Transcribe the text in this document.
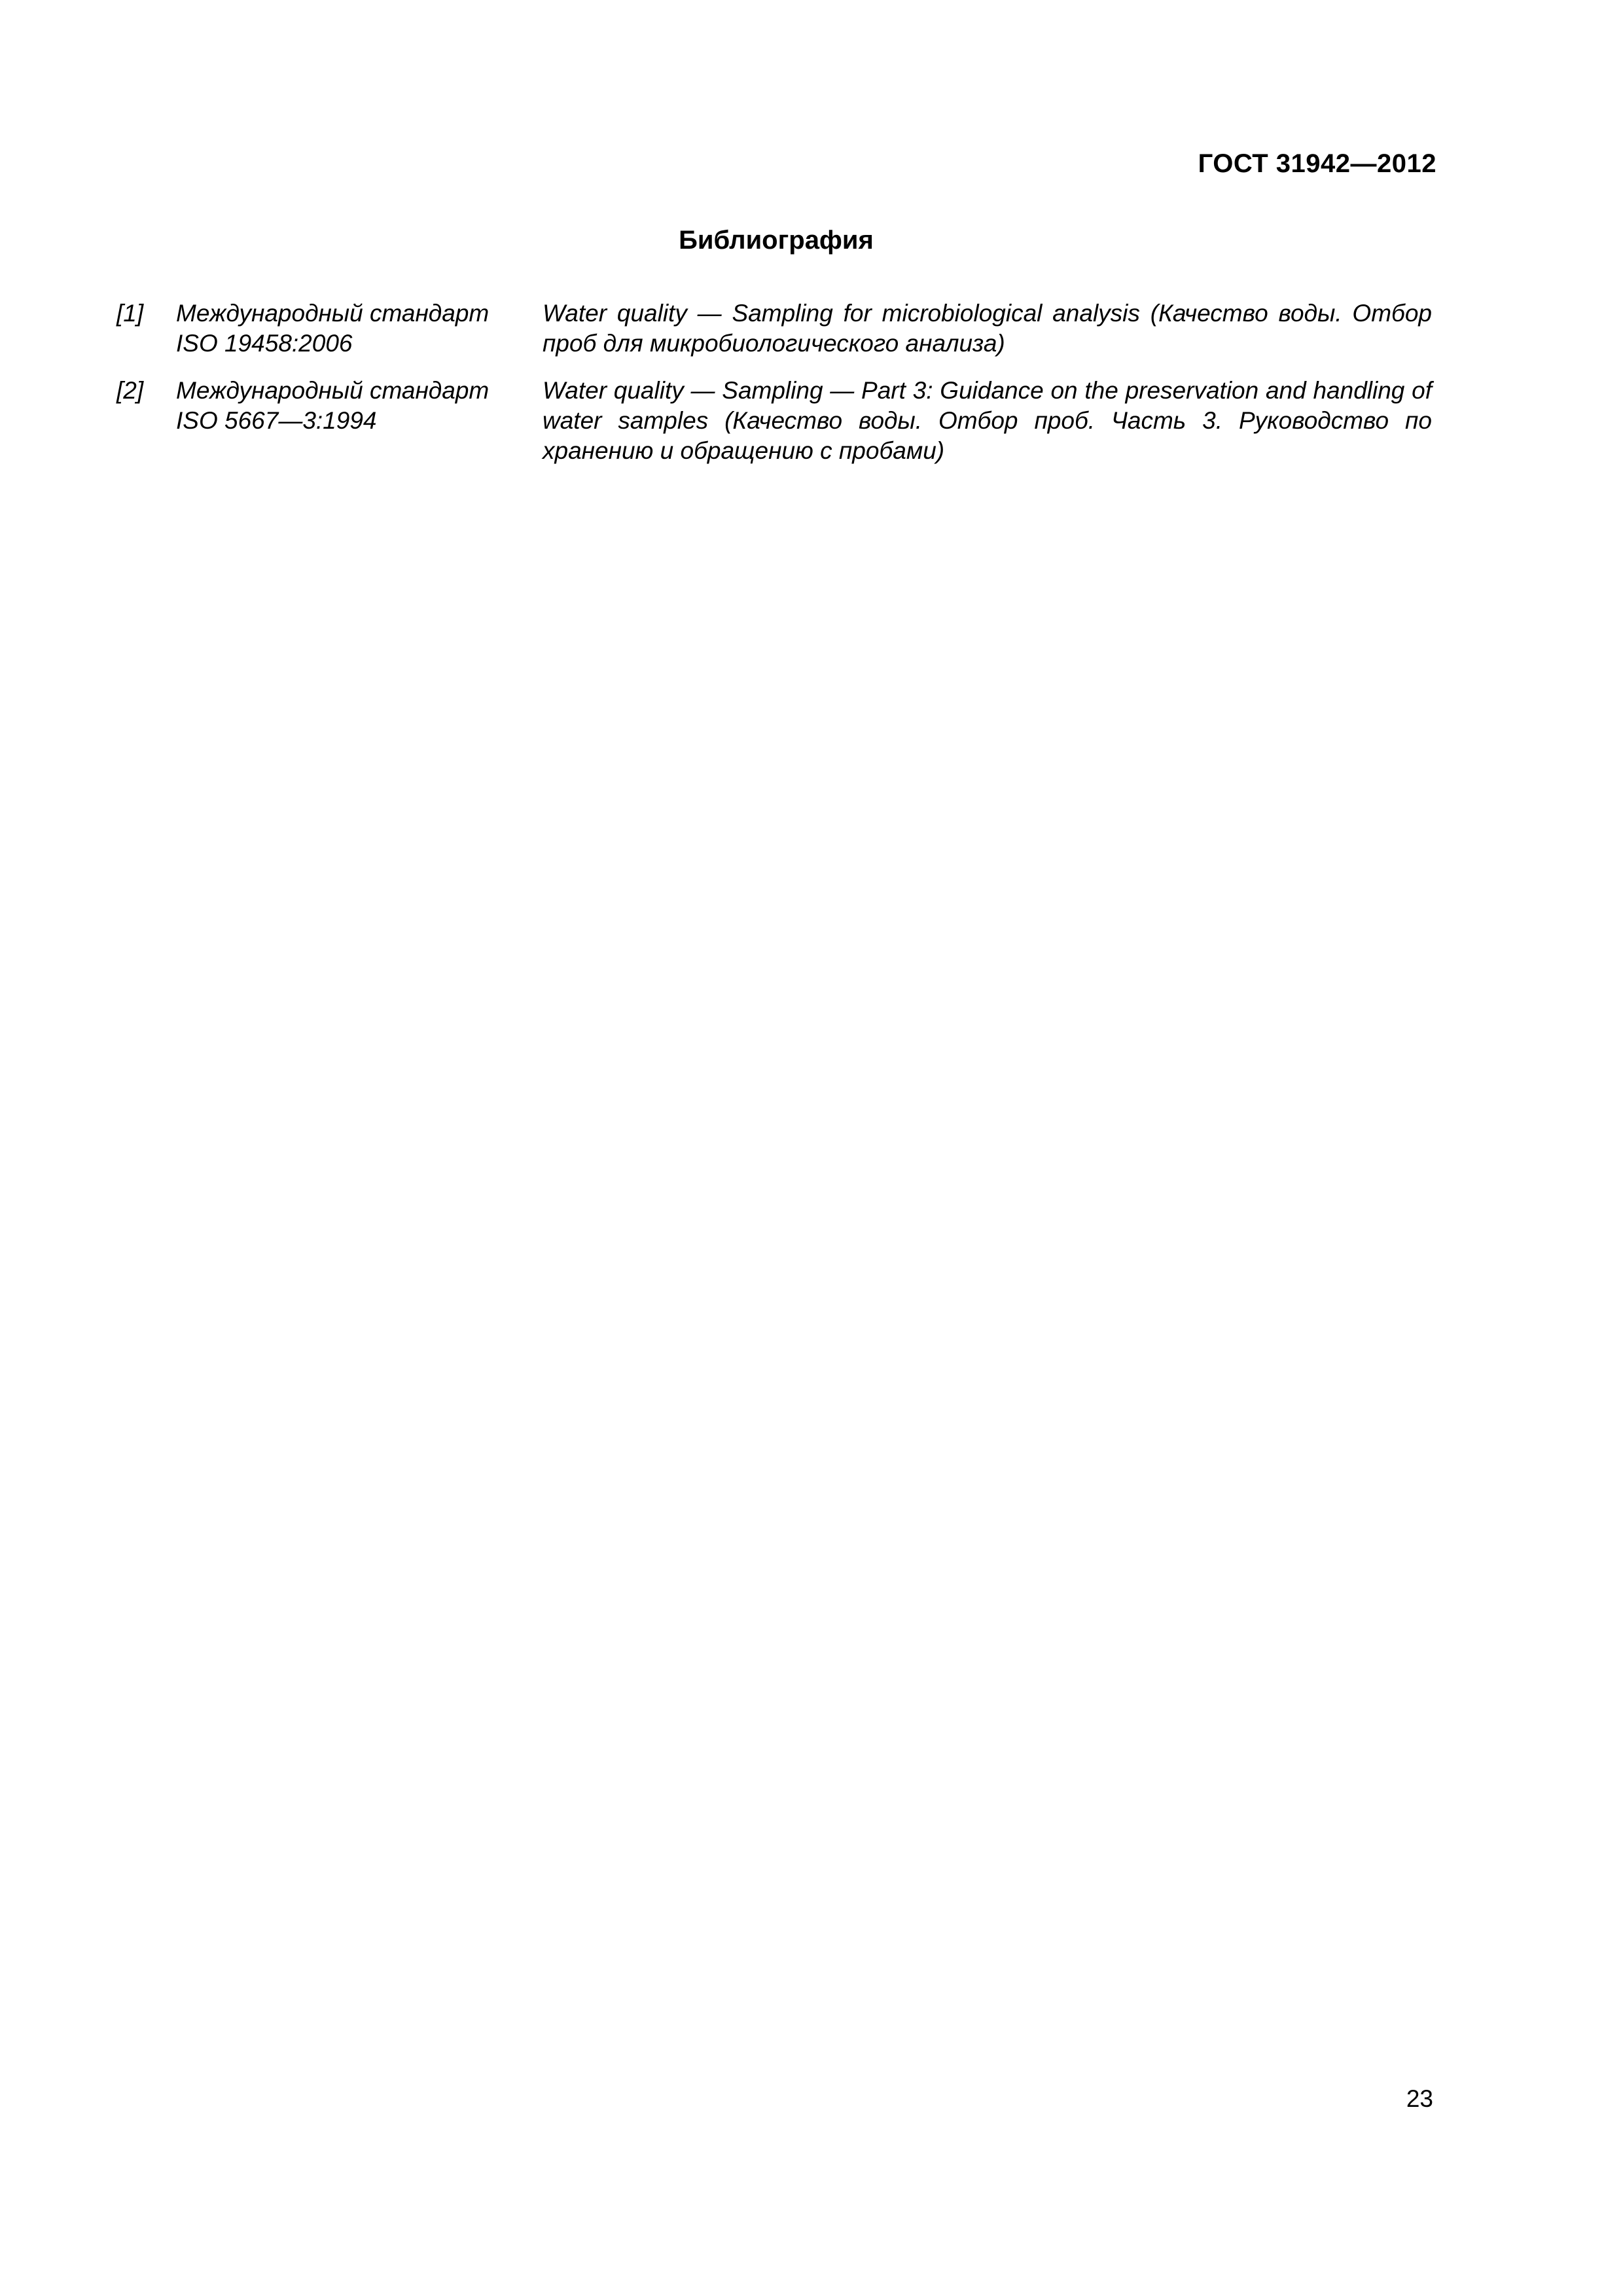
ГОСТ 31942—2012
Библиография
[1]	Международный стандарт
ISO 19458:2006
Water quality — Sampling for microbiological analysis (Качество воды. Отбор проб для микробиологического анализа)
[2]	Международный стандарт
ISO 5667—3:1994
Water quality — Sampling — Part 3: Guidance on the preservation and handling of water samples (Качество воды. Отбор проб. Часть 3. Руководство по хранению и обращению с пробами)
23
